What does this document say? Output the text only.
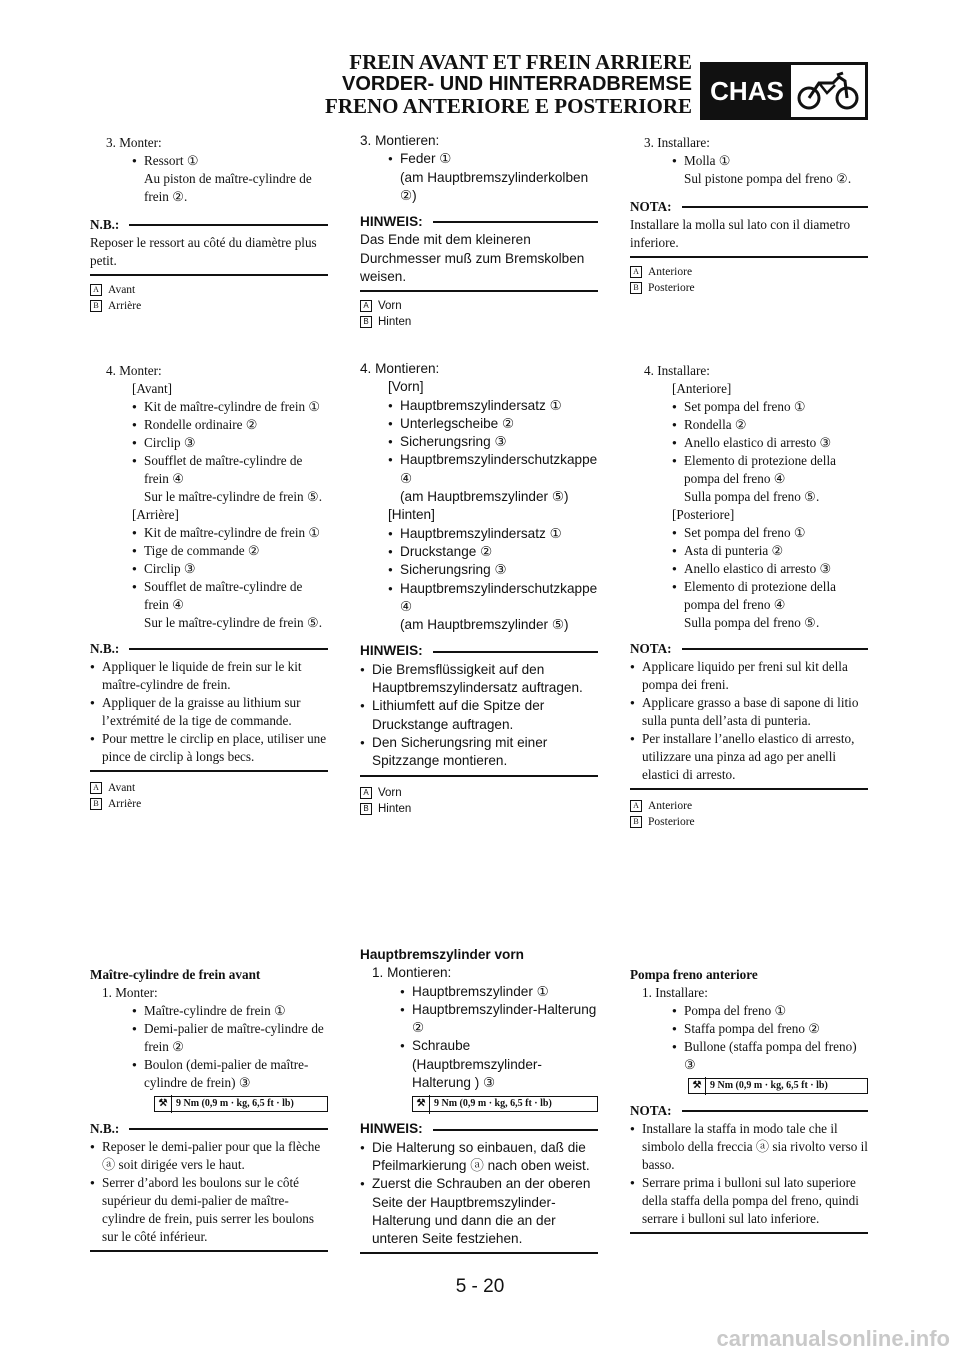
FREIN AVANT ET FREIN ARRIERE
VORDER- UND HINTERRADBREMSE
FRENO ANTERIORE E POSTERIORE
CHAS
3. Monter:
● Ressort ①
Au piston de maître-cylindre de frein ②.
N.B.:
Reposer le ressort au côté du diamètre plus petit.
A Avant
B Arrière
4. Monter:
[Avant]
● Kit de maître-cylindre de frein ①
● Rondelle ordinaire ②
● Circlip ③
● Soufflet de maître-cylindre de frein ④
Sur le maître-cylindre de frein ⑤.
[Arrière]
● Kit de maître-cylindre de frein ①
● Tige de commande ②
● Circlip ③
● Soufflet de maître-cylindre de frein ④
Sur le maître-cylindre de frein ⑤.
N.B.:
● Appliquer le liquide de frein sur le kit maître-cylindre de frein.
● Appliquer de la graisse au lithium sur l’extrémité de la tige de commande.
● Pour mettre le circlip en place, utiliser une pince de circlip à longs becs.
A Avant
B Arrière
Maître-cylindre de frein avant
1. Monter:
● Maître-cylindre de frein ①
● Demi-palier de maître-cylindre de frein ②
● Boulon (demi-palier de maître-cylindre de frein) ③
⚒ 9 Nm (0,9 m · kg, 6,5 ft · lb)
N.B.:
● Reposer le demi-palier pour que la flèche ⓐ soit dirigée vers le haut.
● Serrer d’abord les boulons sur le côté supérieur du demi-palier de maître-cylindre de frein, puis serrer les boulons sur le côté inférieur.
3. Montieren:
● Feder ①
(am Hauptbremszylinderkolben ②)
HINWEIS:
Das Ende mit dem kleineren Durchmesser muß zum Bremskolben weisen.
A Vorn
B Hinten
4. Montieren:
[Vorn]
● Hauptbremszylindersatz ①
● Unterlegscheibe ②
● Sicherungsring ③
● Hauptbremszylinderschutzkappe ④
(am Hauptbremszylinder ⑤)
[Hinten]
● Hauptbremszylindersatz ①
● Druckstange ②
● Sicherungsring ③
● Hauptbremszylinderschutzkappe ④
(am Hauptbremszylinder ⑤)
HINWEIS:
● Die Bremsflüssigkeit auf den Hauptbremszylindersatz auftragen.
● Lithiumfett auf die Spitze der Druckstange auftragen.
● Den Sicherungsring mit einer Spitzzange montieren.
A Vorn
B Hinten
Hauptbremszylinder vorn
1. Montieren:
● Hauptbremszylinder ①
● Hauptbremszylinder-Halterung ②
● Schraube (Hauptbremszylinder-Halterung ) ③
⚒ 9 Nm (0,9 m · kg, 6,5 ft · lb)
HINWEIS:
● Die Halterung so einbauen, daß die Pfeilmarkierung ⓐ nach oben weist.
● Zuerst die Schrauben an der oberen Seite der Hauptbremszylinder-Halterung und dann die an der unteren Seite festziehen.
3. Installare:
● Molla ①
Sul pistone pompa del freno ②.
NOTA:
Installare la molla sul lato con il diametro inferiore.
A Anteriore
B Posteriore
4. Installare:
[Anteriore]
● Set pompa del freno ①
● Rondella ②
● Anello elastico di arresto ③
● Elemento di protezione della pompa del freno ④
Sulla pompa del freno ⑤.
[Posteriore]
● Set pompa del freno ①
● Asta di punteria ②
● Anello elastico di arresto ③
● Elemento di protezione della pompa del freno ④
Sulla pompa del freno ⑤.
NOTA:
● Applicare liquido per freni sul kit della pompa dei freni.
● Applicare grasso a base di sapone di litio sulla punta dell’asta di punteria.
● Per installare l’anello elastico di arresto, utilizzare una pinza ad ago per anelli elastici di arresto.
A Anteriore
B Posteriore
Pompa freno anteriore
1. Installare:
● Pompa del freno ①
● Staffa pompa del freno ②
● Bullone (staffa pompa del freno) ③
⚒ 9 Nm (0,9 m · kg, 6,5 ft · lb)
NOTA:
● Installare la staffa in modo tale che il simbolo della freccia ⓐ sia rivolto verso il basso.
● Serrare prima i bulloni sul lato superiore della staffa della pompa del freno, quindi serrare i bulloni sul lato inferiore.
5 - 20
carmanualsonline.info
